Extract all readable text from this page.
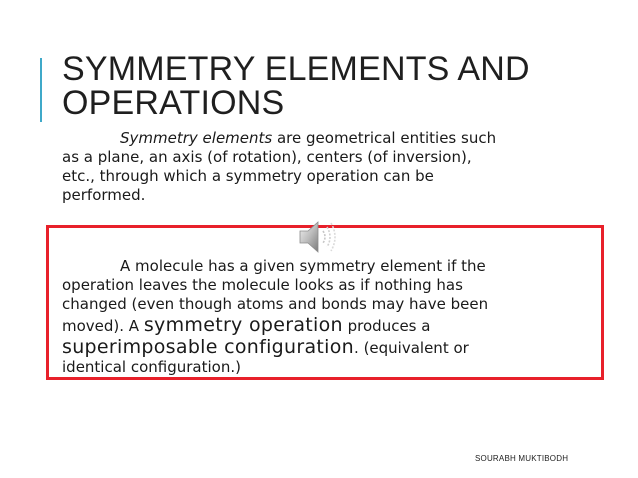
SYMMETRY ELEMENTS AND
OPERATIONS

Symmetry elements are geometrical entities such
as a plane, an axis (of rotation), centers (of inversion),
etc., through which a symmetry operation can be
performed.

A molecule has a given symmetry element if the
operation leaves the molecule looks as if nothing has
changed (even though atoms and bonds may have been
moved). A symmetry operation produces a
superimposable configuration. (equivalent or
identical configuration.)

SOURABH MUKTIBODH
